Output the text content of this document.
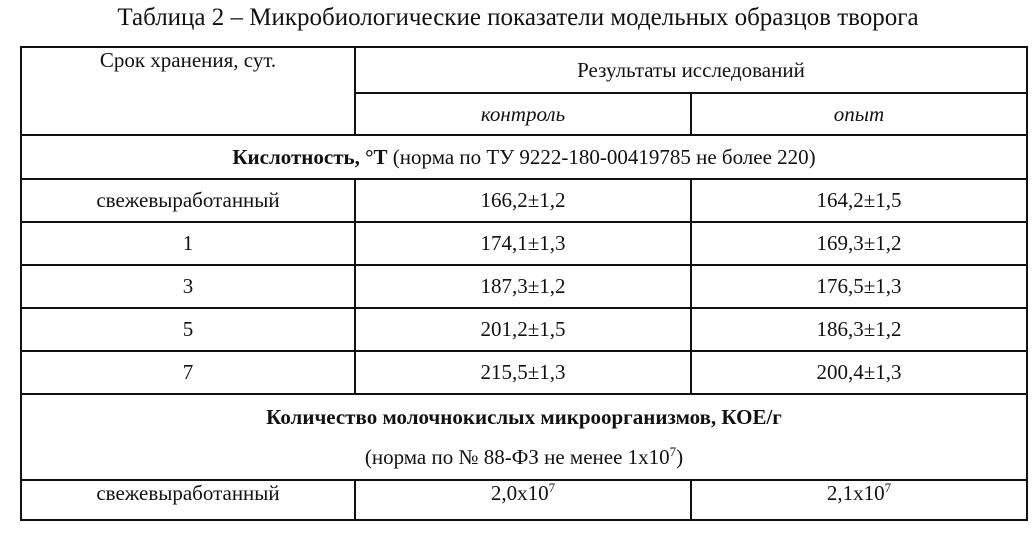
Таблица 2 – Микробиологические показатели модельных образцов творога
Срок хранения, сут.	Результаты исследований	
	контроль	опыт
Кислотность, °Т (норма по ТУ 9222-180-00419785 не более 220)		
свежевыработанный	166,2±1,2	164,2±1,5
1	174,1±1,3	169,3±1,2
3	187,3±1,2	176,5±1,3
5	201,2±1,5	186,3±1,2
7	215,5±1,3	200,4±1,3

Количество молочнокислых микроорганизмов, КОЕ/г
(норма по № 88-ФЗ не менее $1х10^7$)		

свежевыработанный	$2,0х10^7$	$2,1х10^7$
